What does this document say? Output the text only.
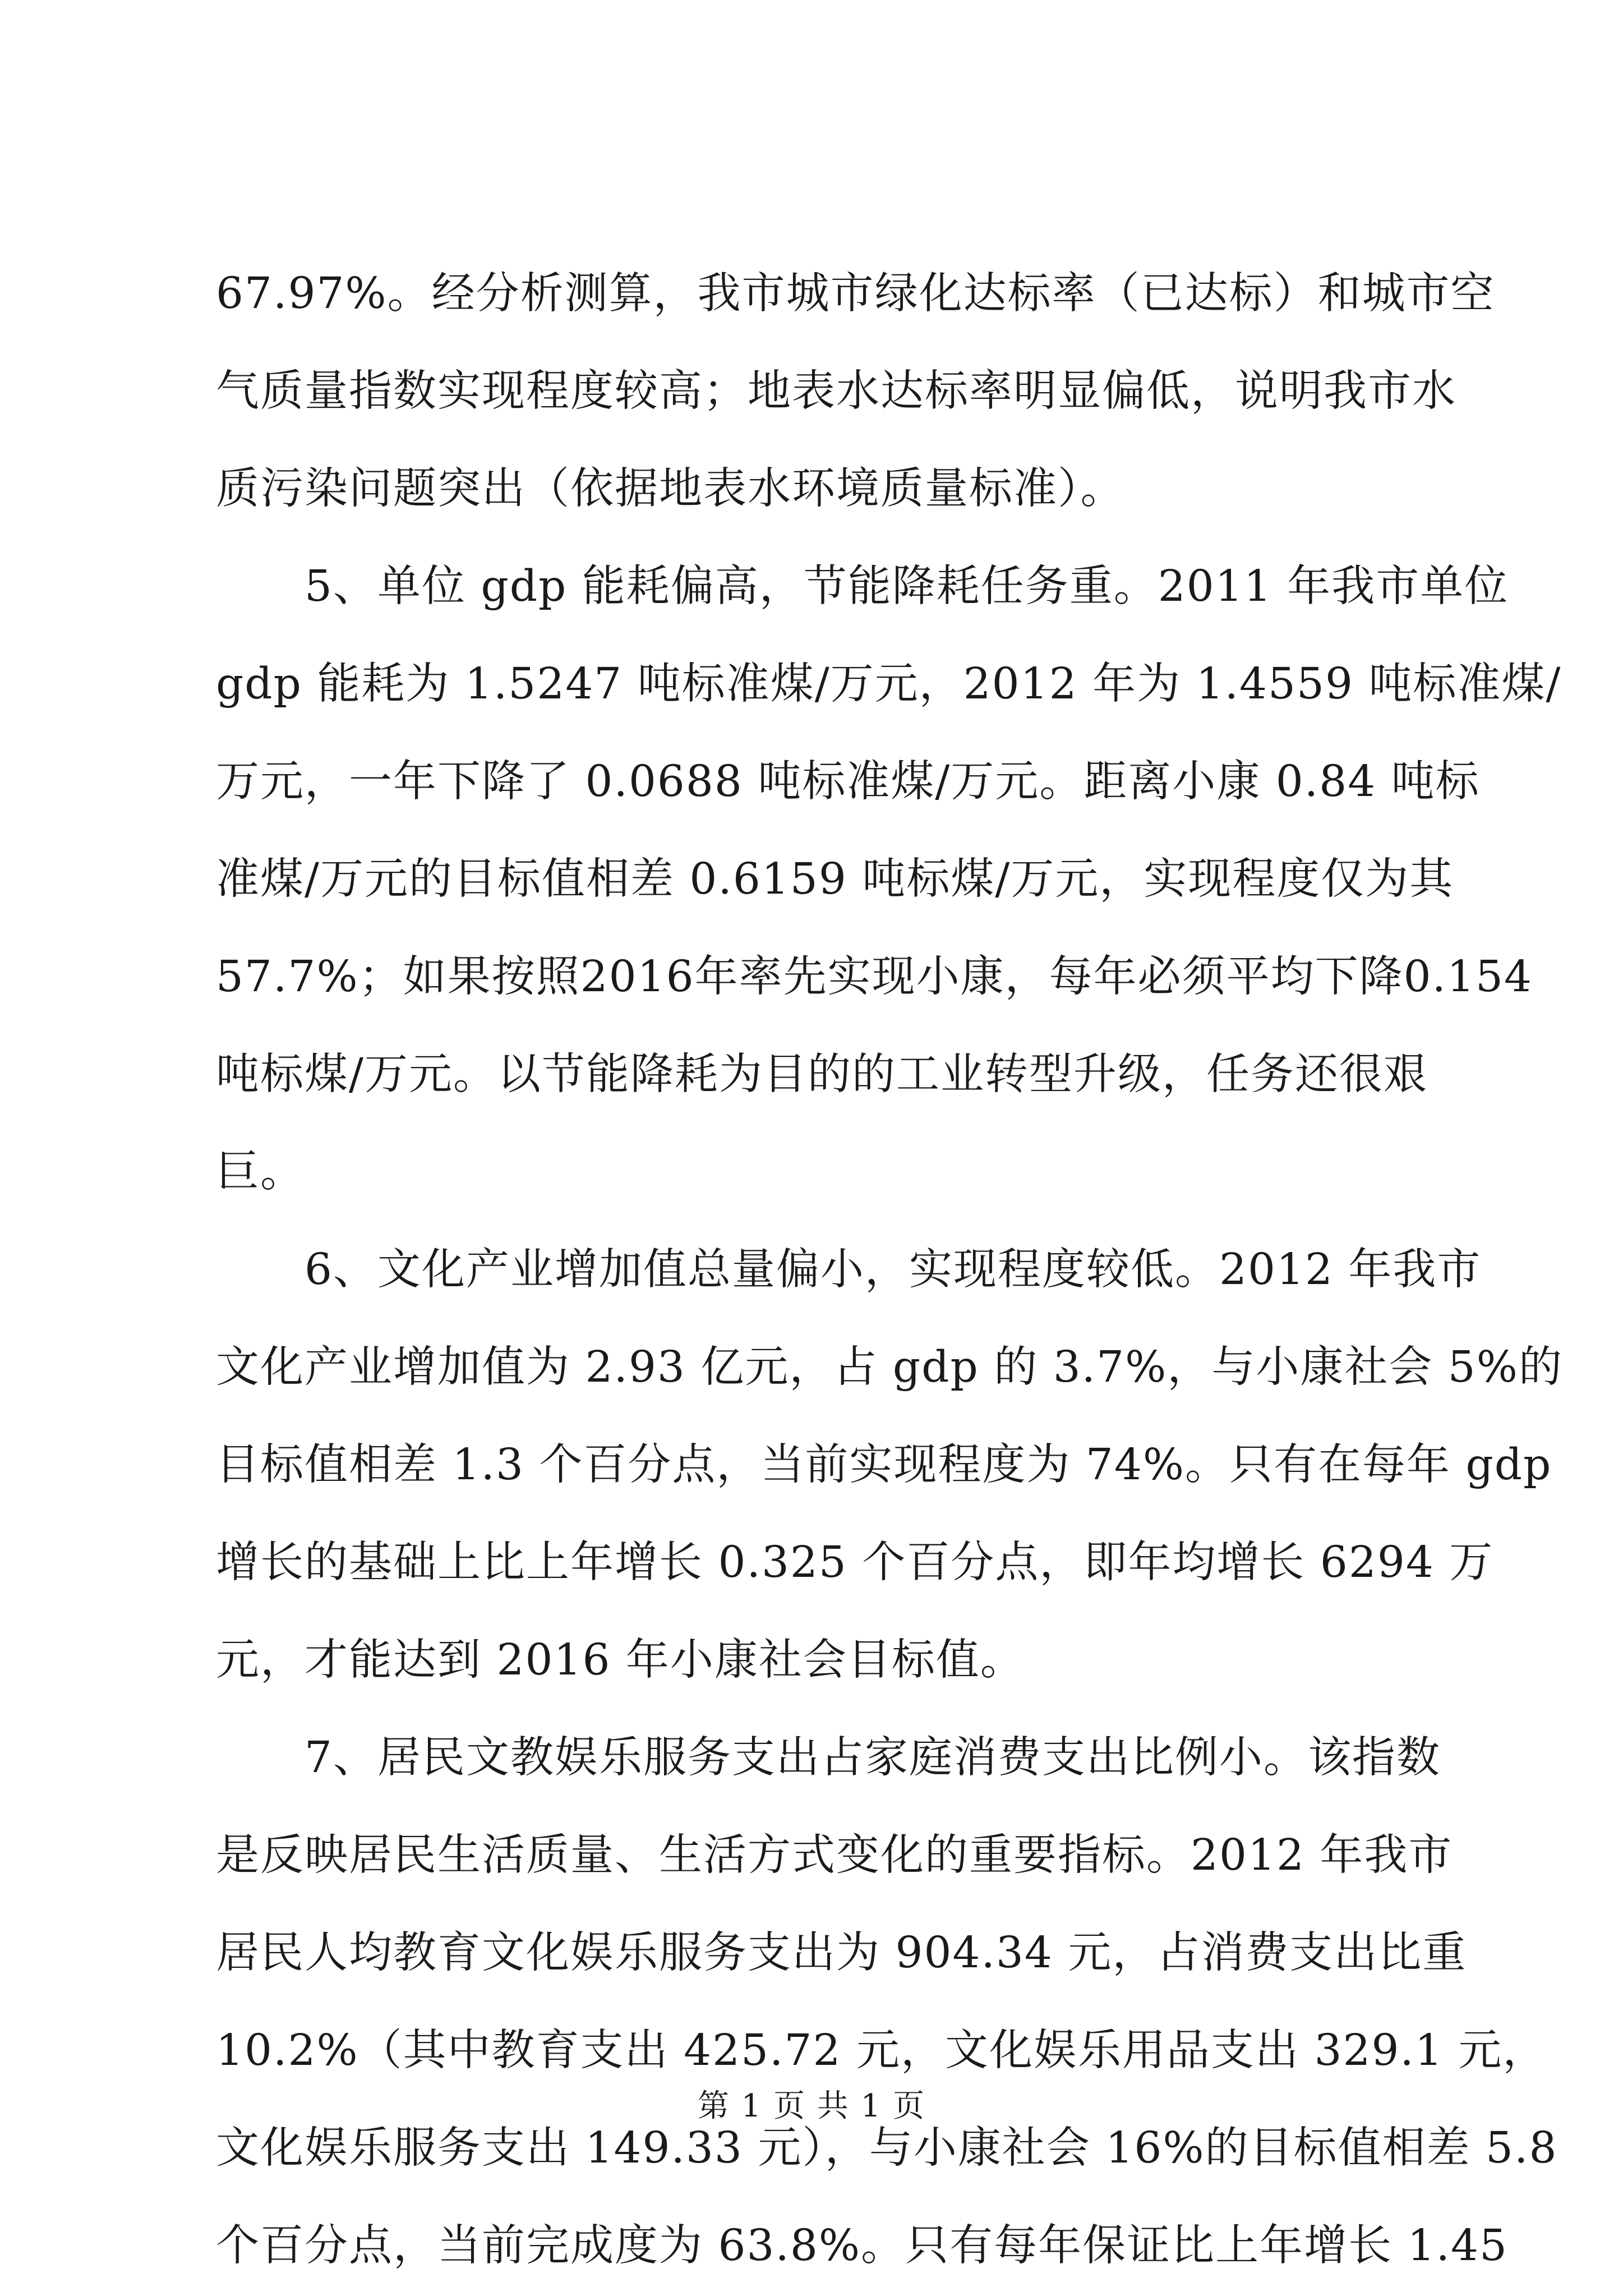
67.97%。经分析测算，我市城市绿化达标率（已达标）和城市空
气质量指数实现程度较高；地表水达标率明显偏低，说明我市水
质污染问题突出（依据地表水环境质量标准）。
　　5、单位 gdp 能耗偏高，节能降耗任务重。2011 年我市单位
gdp 能耗为 1.5247 吨标准煤/万元，2012 年为 1.4559 吨标准煤/
万元，一年下降了 0.0688 吨标准煤/万元。距离小康 0.84 吨标
准煤/万元的目标值相差 0.6159 吨标煤/万元，实现程度仅为其
57.7%；如果按照2016年率先实现小康，每年必须平均下降0.154
吨标煤/万元。以节能降耗为目的的工业转型升级，任务还很艰
巨。
　　6、文化产业增加值总量偏小，实现程度较低。2012 年我市
文化产业增加值为 2.93 亿元，占 gdp 的 3.7%，与小康社会 5%的
目标值相差 1.3 个百分点，当前实现程度为 74%。只有在每年 gdp
增长的基础上比上年增长 0.325 个百分点，即年均增长 6294 万
元，才能达到 2016 年小康社会目标值。
　　7、居民文教娱乐服务支出占家庭消费支出比例小。该指数
是反映居民生活质量、生活方式变化的重要指标。2012 年我市
居民人均教育文化娱乐服务支出为 904.34 元，占消费支出比重
10.2%（其中教育支出 425.72 元，文化娱乐用品支出 329.1 元，
文化娱乐服务支出 149.33 元），与小康社会 16%的目标值相差 5.8
个百分点，当前完成度为 63.8%。只有每年保证比上年增长 1.45
第 1 页 共 1 页
